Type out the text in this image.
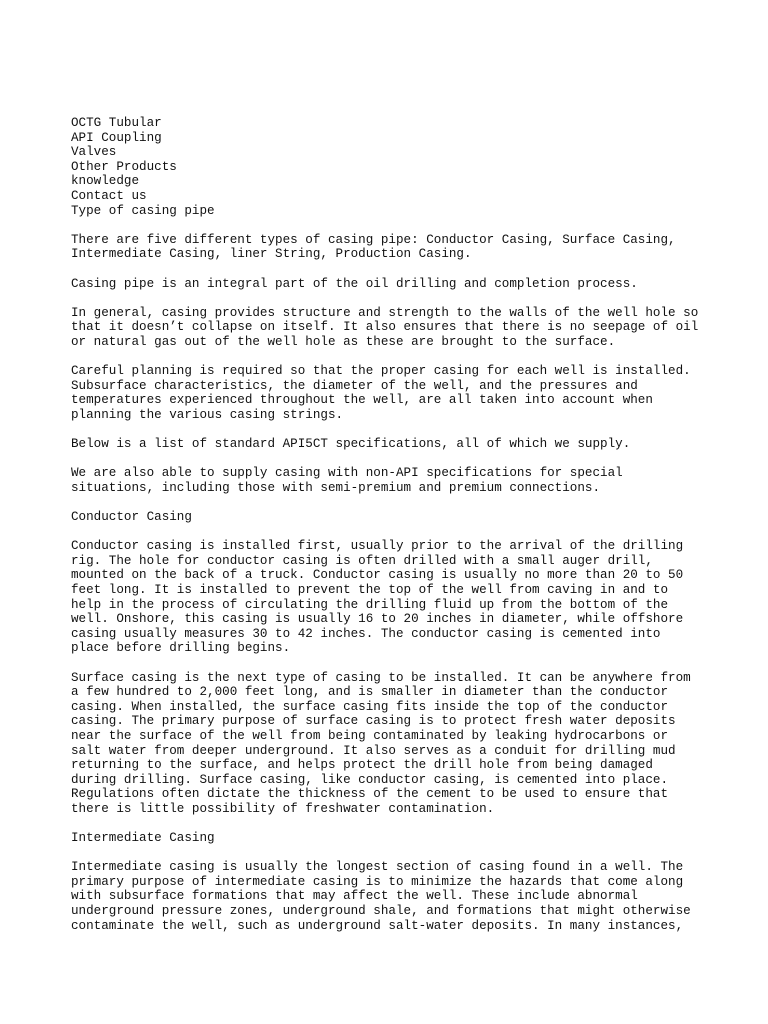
OCTG Tubular
API Coupling
Valves
Other Products
knowledge
Contact us
Type of casing pipe

There are five different types of casing pipe: Conductor Casing, Surface Casing,
Intermediate Casing, liner String, Production Casing.

Casing pipe is an integral part of the oil drilling and completion process.

In general, casing provides structure and strength to the walls of the well hole so
that it doesn’t collapse on itself. It also ensures that there is no seepage of oil
or natural gas out of the well hole as these are brought to the surface.

Careful planning is required so that the proper casing for each well is installed.
Subsurface characteristics, the diameter of the well, and the pressures and
temperatures experienced throughout the well, are all taken into account when
planning the various casing strings.

Below is a list of standard API5CT specifications, all of which we supply.

We are also able to supply casing with non-API specifications for special
situations, including those with semi-premium and premium connections.

Conductor Casing

Conductor casing is installed first, usually prior to the arrival of the drilling
rig. The hole for conductor casing is often drilled with a small auger drill,
mounted on the back of a truck. Conductor casing is usually no more than 20 to 50
feet long. It is installed to prevent the top of the well from caving in and to
help in the process of circulating the drilling fluid up from the bottom of the
well. Onshore, this casing is usually 16 to 20 inches in diameter, while offshore
casing usually measures 30 to 42 inches. The conductor casing is cemented into
place before drilling begins.

Surface casing is the next type of casing to be installed. It can be anywhere from
a few hundred to 2,000 feet long, and is smaller in diameter than the conductor
casing. When installed, the surface casing fits inside the top of the conductor
casing. The primary purpose of surface casing is to protect fresh water deposits
near the surface of the well from being contaminated by leaking hydrocarbons or
salt water from deeper underground. It also serves as a conduit for drilling mud
returning to the surface, and helps protect the drill hole from being damaged
during drilling. Surface casing, like conductor casing, is cemented into place.
Regulations often dictate the thickness of the cement to be used to ensure that
there is little possibility of freshwater contamination.

Intermediate Casing

Intermediate casing is usually the longest section of casing found in a well. The
primary purpose of intermediate casing is to minimize the hazards that come along
with subsurface formations that may affect the well. These include abnormal
underground pressure zones, underground shale, and formations that might otherwise
contaminate the well, such as underground salt-water deposits. In many instances,
